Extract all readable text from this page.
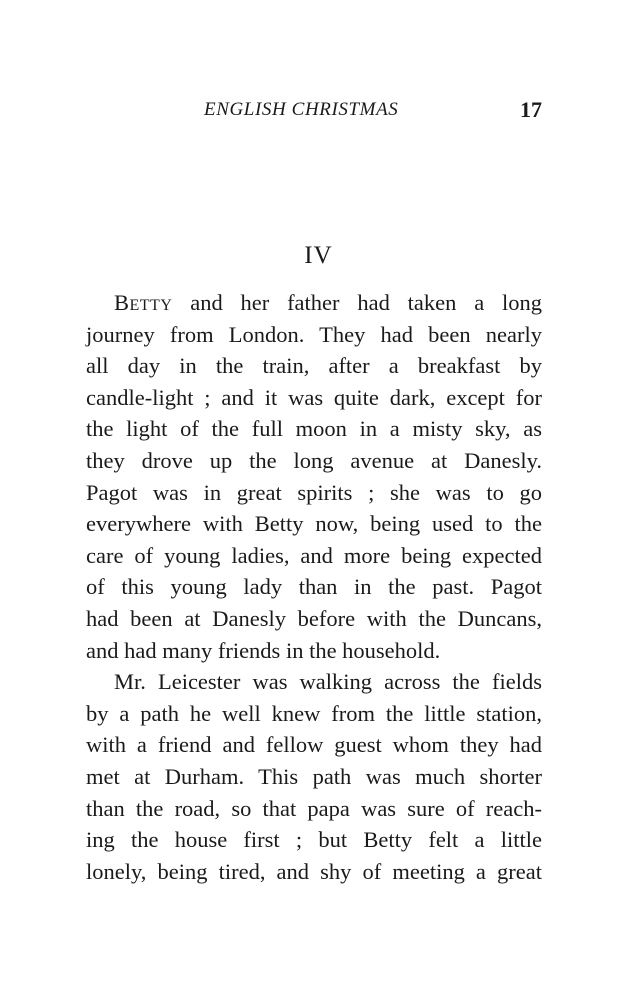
ENGLISH CHRISTMAS	17
IV
Betty and her father had taken a long
journey from London. They had been nearly
all day in the train, after a breakfast by
candle-light ; and it was quite dark, except for
the light of the full moon in a misty sky, as
they drove up the long avenue at Danesly.
Pagot was in great spirits ; she was to go
everywhere with Betty now, being used to the
care of young ladies, and more being expected
of this young lady than in the past. Pagot
had been at Danesly before with the Duncans,
and had many friends in the household.
Mr. Leicester was walking across the fields
by a path he well knew from the little station,
with a friend and fellow guest whom they had
met at Durham. This path was much shorter
than the road, so that papa was sure of reach-
ing the house first ; but Betty felt a little
lonely, being tired, and shy of meeting a great
